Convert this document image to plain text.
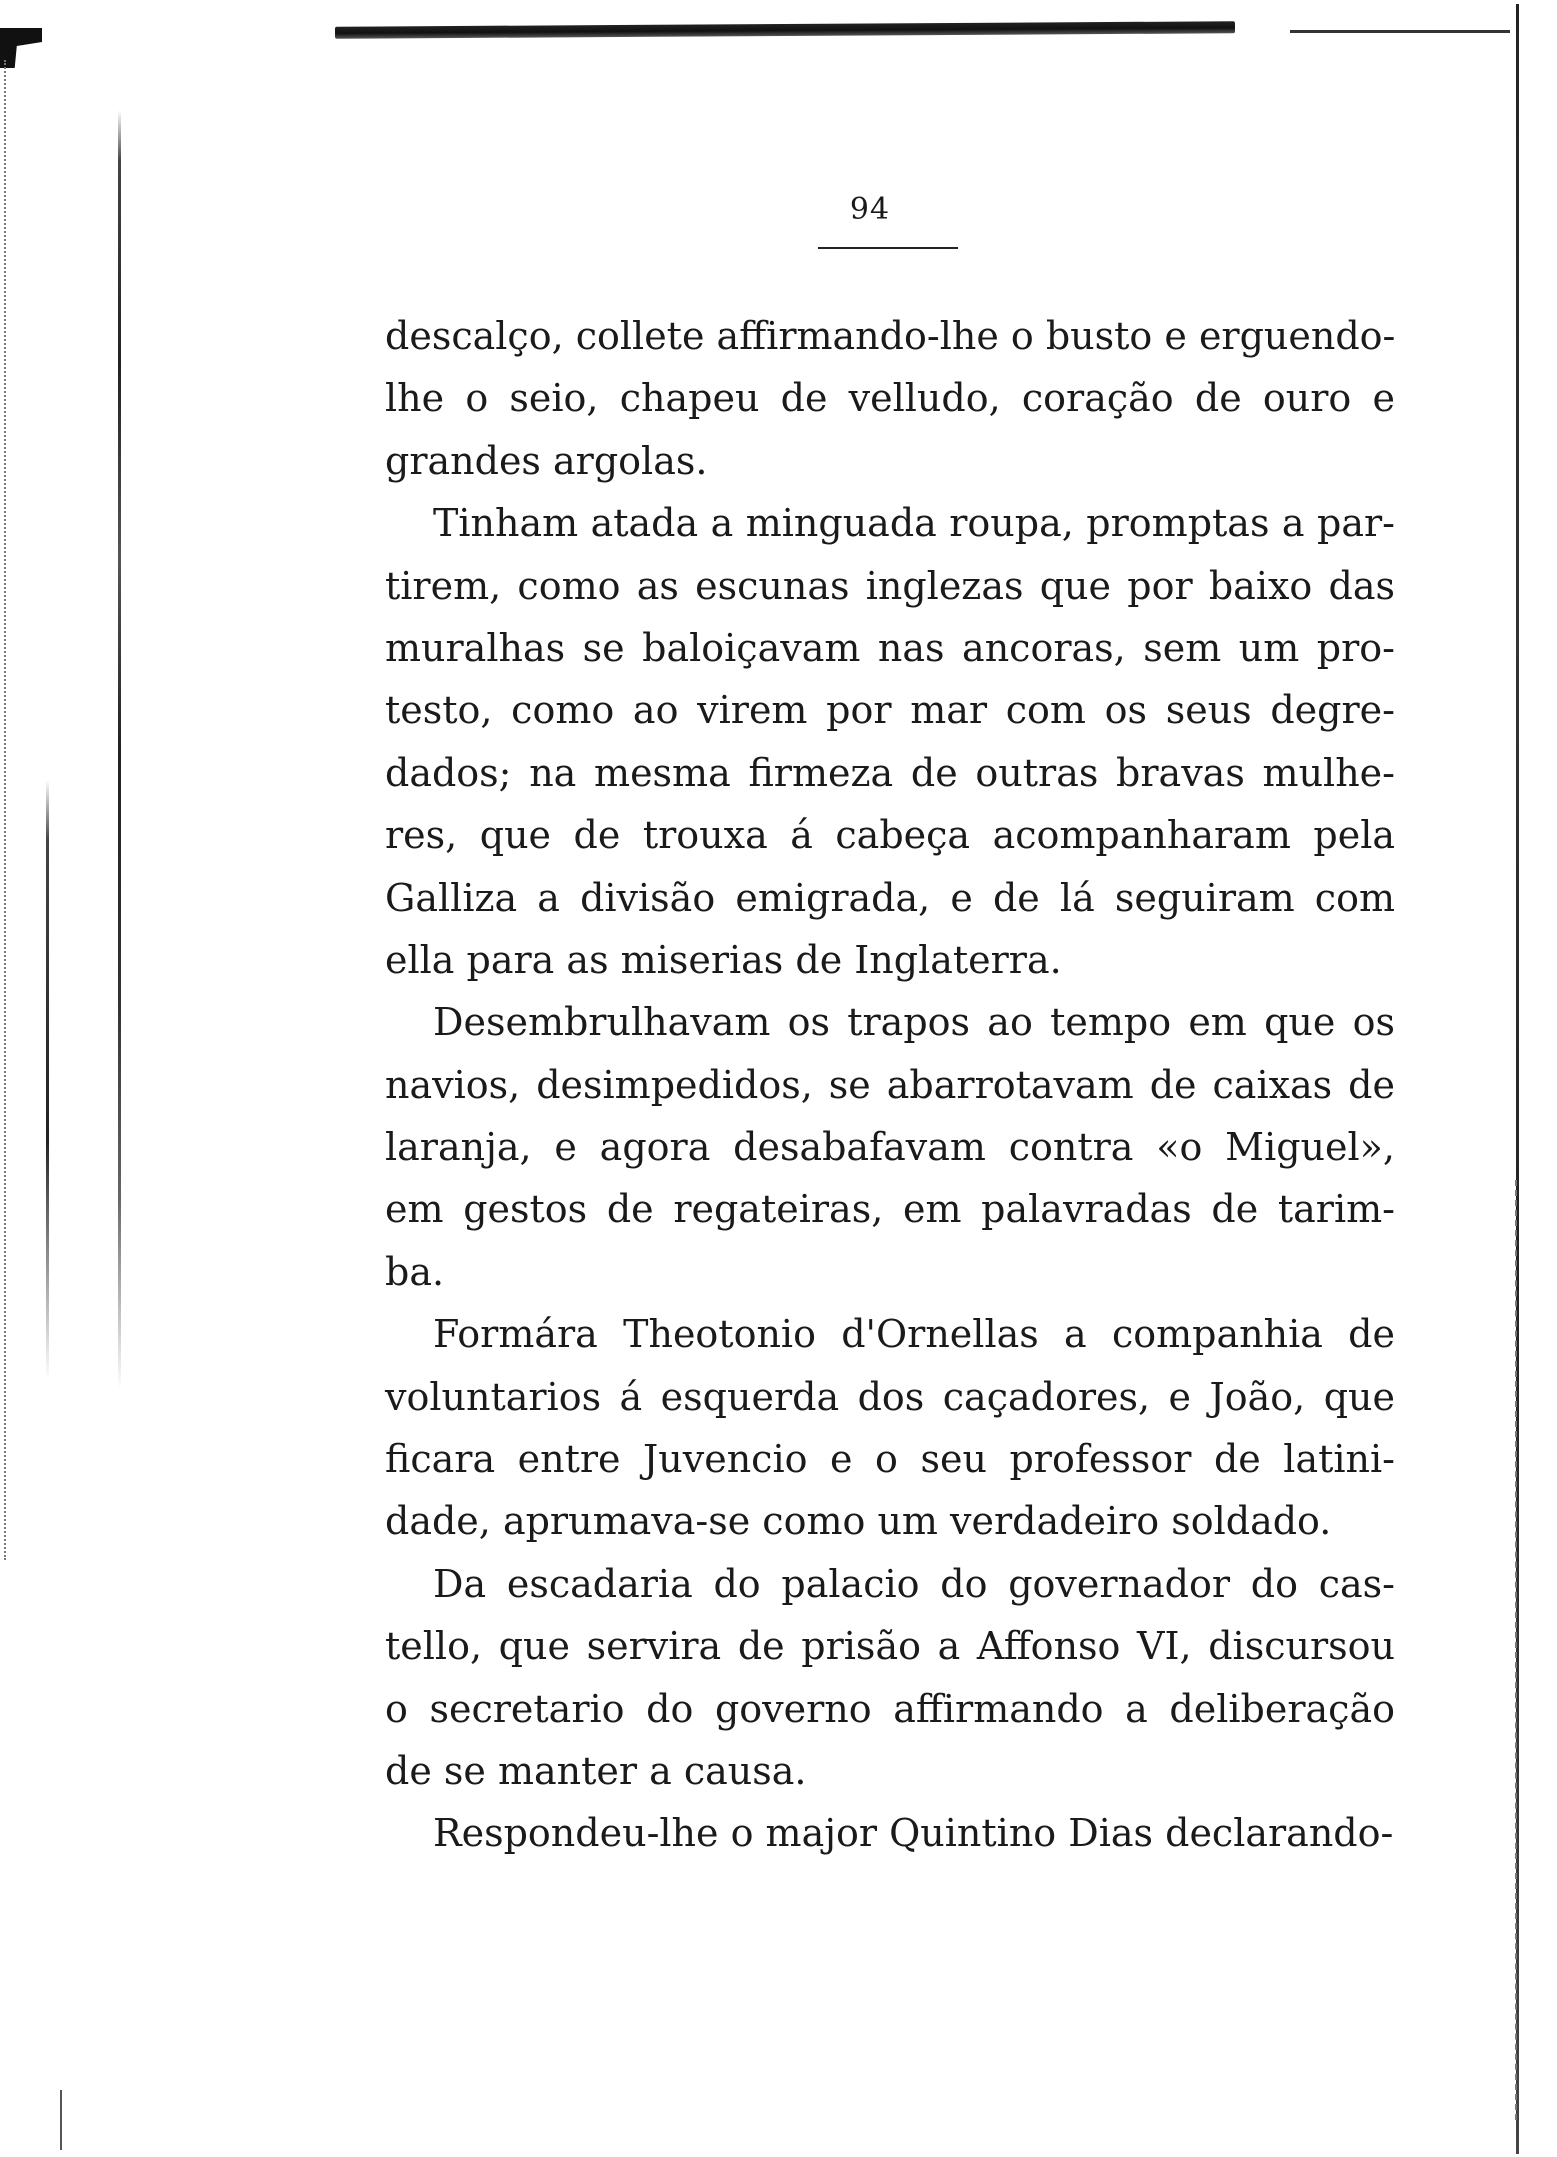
94
descalço, collete affirmando-lhe o busto e erguendo-
lhe o seio, chapeu de velludo, coração de ouro e
grandes argolas.
Tinham atada a minguada roupa, promptas a par-
tirem, como as escunas inglezas que por baixo das
muralhas se baloiçavam nas ancoras, sem um pro-
testo, como ao virem por mar com os seus degre-
dados; na mesma firmeza de outras bravas mulhe-
res, que de trouxa á cabeça acompanharam pela
Galliza a divisão emigrada, e de lá seguiram com
ella para as miserias de Inglaterra.
Desembrulhavam os trapos ao tempo em que os
navios, desimpedidos, se abarrotavam de caixas de
laranja, e agora desabafavam contra «o Miguel»,
em gestos de regateiras, em palavradas de tarim-
ba.
Formára Theotonio d'Ornellas a companhia de
voluntarios á esquerda dos caçadores, e João, que
ficara entre Juvencio e o seu professor de latini-
dade, aprumava-se como um verdadeiro soldado.
Da escadaria do palacio do governador do cas-
tello, que servira de prisão a Affonso VI, discursou
o secretario do governo affirmando a deliberação
de se manter a causa.
Respondeu-lhe o major Quintino Dias declarando-
